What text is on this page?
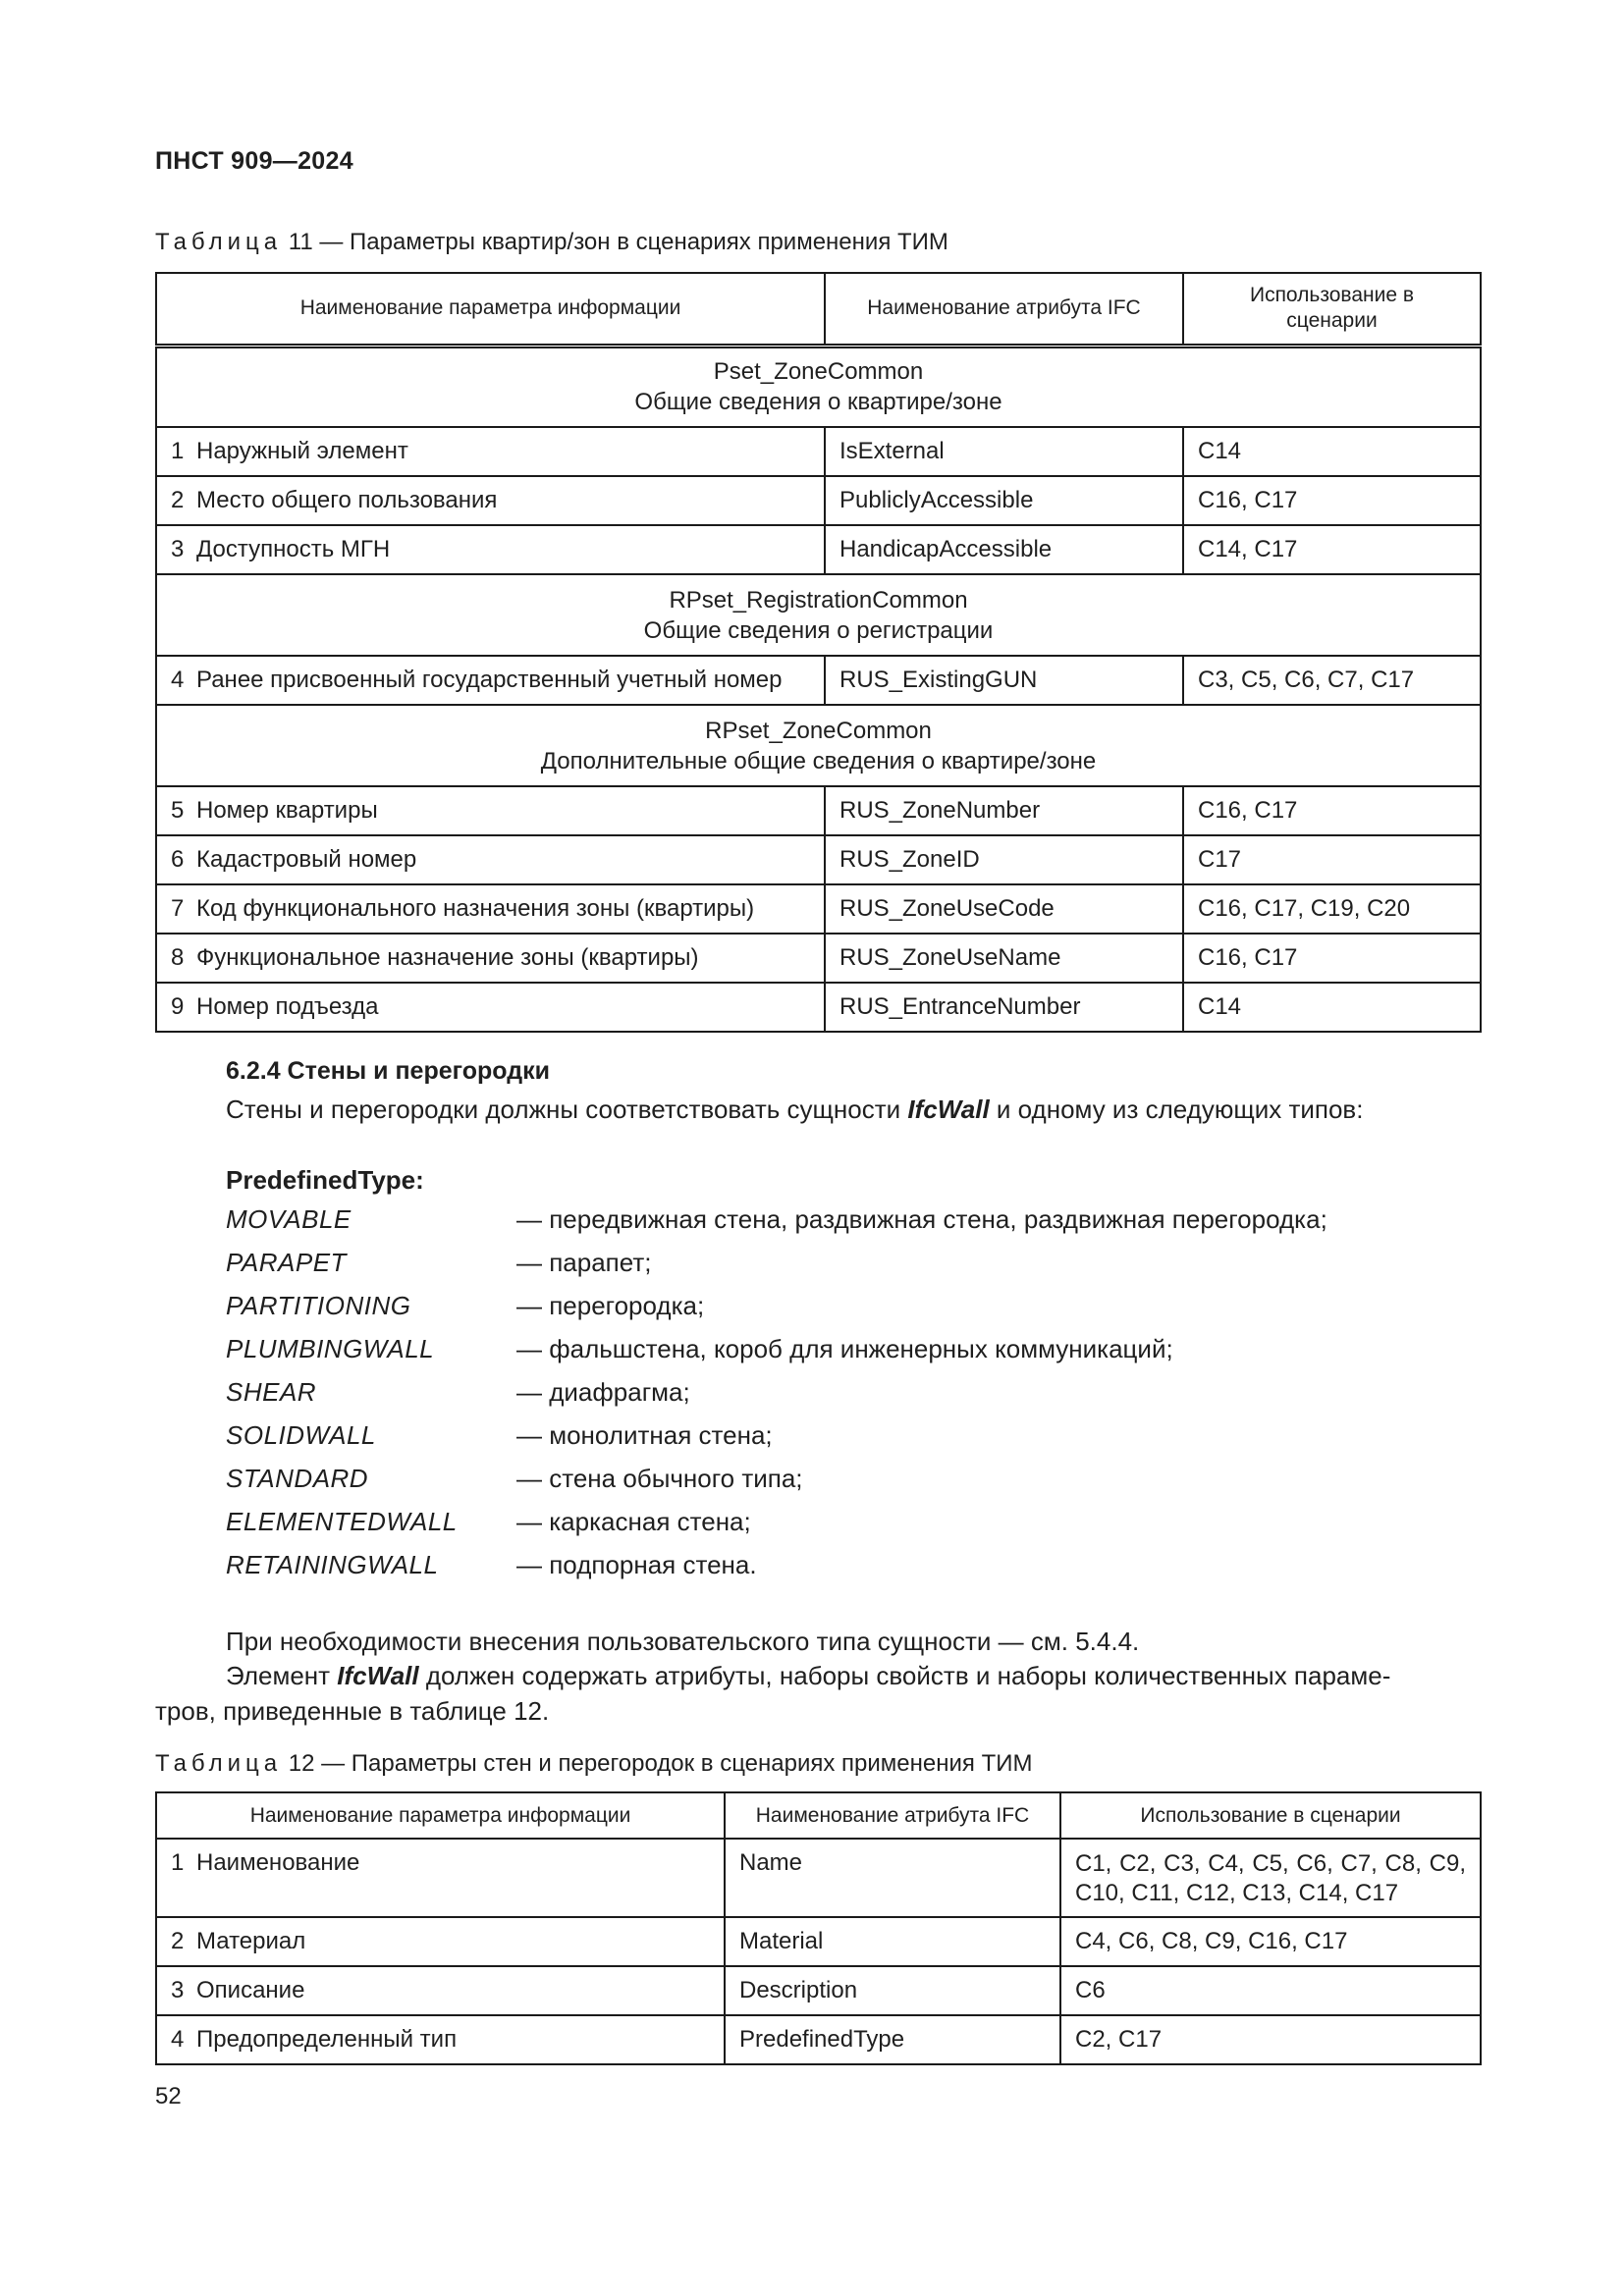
ПНСТ 909—2024
Таблица 11 — Параметры квартир/зон в сценариях применения ТИМ
Наименование параметра информации	Наименование атрибута IFC	Использование в сценарии

Pset_ZoneCommon
Общие сведения о квартире/зоне		

1 Наружный элемент	IsExternal	С14
2 Место общего пользования	PubliclyAccessible	С16, С17
3 Доступность МГН	HandicapAccessible	С14, С17

RPset_RegistrationCommon
Общие сведения о регистрации		

4 Ранее присвоенный государственный учетный номер	RUS_ExistingGUN	С3, С5, С6, С7, С17

RPset_ZoneCommon
Дополнительные общие сведения о квартире/зоне		

5 Номер квартиры	RUS_ZoneNumber	С16, С17
6 Кадастровый номер	RUS_ZoneID	С17
7 Код функционального назначения зоны (квартиры)	RUS_ZoneUseCode	С16, С17, С19, С20
8 Функциональное назначение зоны (квартиры)	RUS_ZoneUseName	С16, С17
9 Номер подъезда	RUS_EntranceNumber	С14
6.2.4 Стены и перегородки
Стены и перегородки должны соответствовать сущности IfcWall и одному из следующих типов:
PredefinedType:
MOVABLE	— передвижная стена, раздвижная стена, раздвижная перегородка;
PARAPET	— парапет;
PARTITIONING	— перегородка;
PLUMBINGWALL	— фальшстена, короб для инженерных коммуникаций;
SHEAR	— диафрагма;
SOLIDWALL	— монолитная стена;
STANDARD	— стена обычного типа;
ELEMENTEDWALL — каркасная стена;
RETAININGWALL	— подпорная стена.
При необходимости внесения пользовательского типа сущности — см. 5.4.4.
Элемент IfcWall должен содержать атрибуты, наборы свойств и наборы количественных параме-
тров, приведенные в таблице 12.
Таблица 12 — Параметры стен и перегородок в сценариях применения ТИМ
Наименование параметра информации	Наименование атрибута IFC	Использование в сценарии
1 Наименование	Name	С1, С2, С3, С4, С5, С6, С7, С8, С9, С10, С11, С12, С13, С14, С17
2 Материал	Material	С4, С6, С8, С9, С16, С17
3 Описание	Description	С6
4 Предопределенный тип	PredefinedType	С2, С17
52
